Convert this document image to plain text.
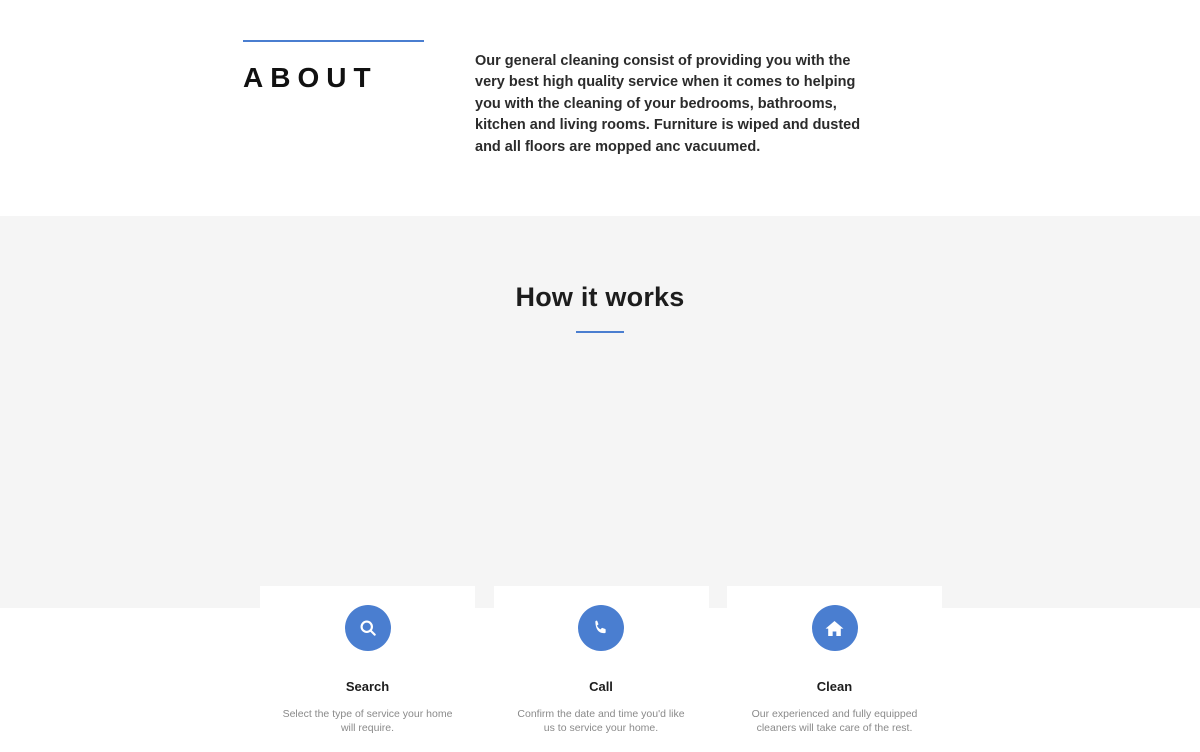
ABOUT

Our general cleaning consist of providing you with the very best high quality service when it comes to helping you with the cleaning of your bedrooms, bathrooms, kitchen and living rooms. Furniture is wiped and dusted and all floors are mopped anc vacuumed.

How it works
Search
Select the type of service your home will require.
Call
Confirm the date and time you'd like us to service your home.
Clean
Our experienced and fully equipped cleaners will take care of the rest.
